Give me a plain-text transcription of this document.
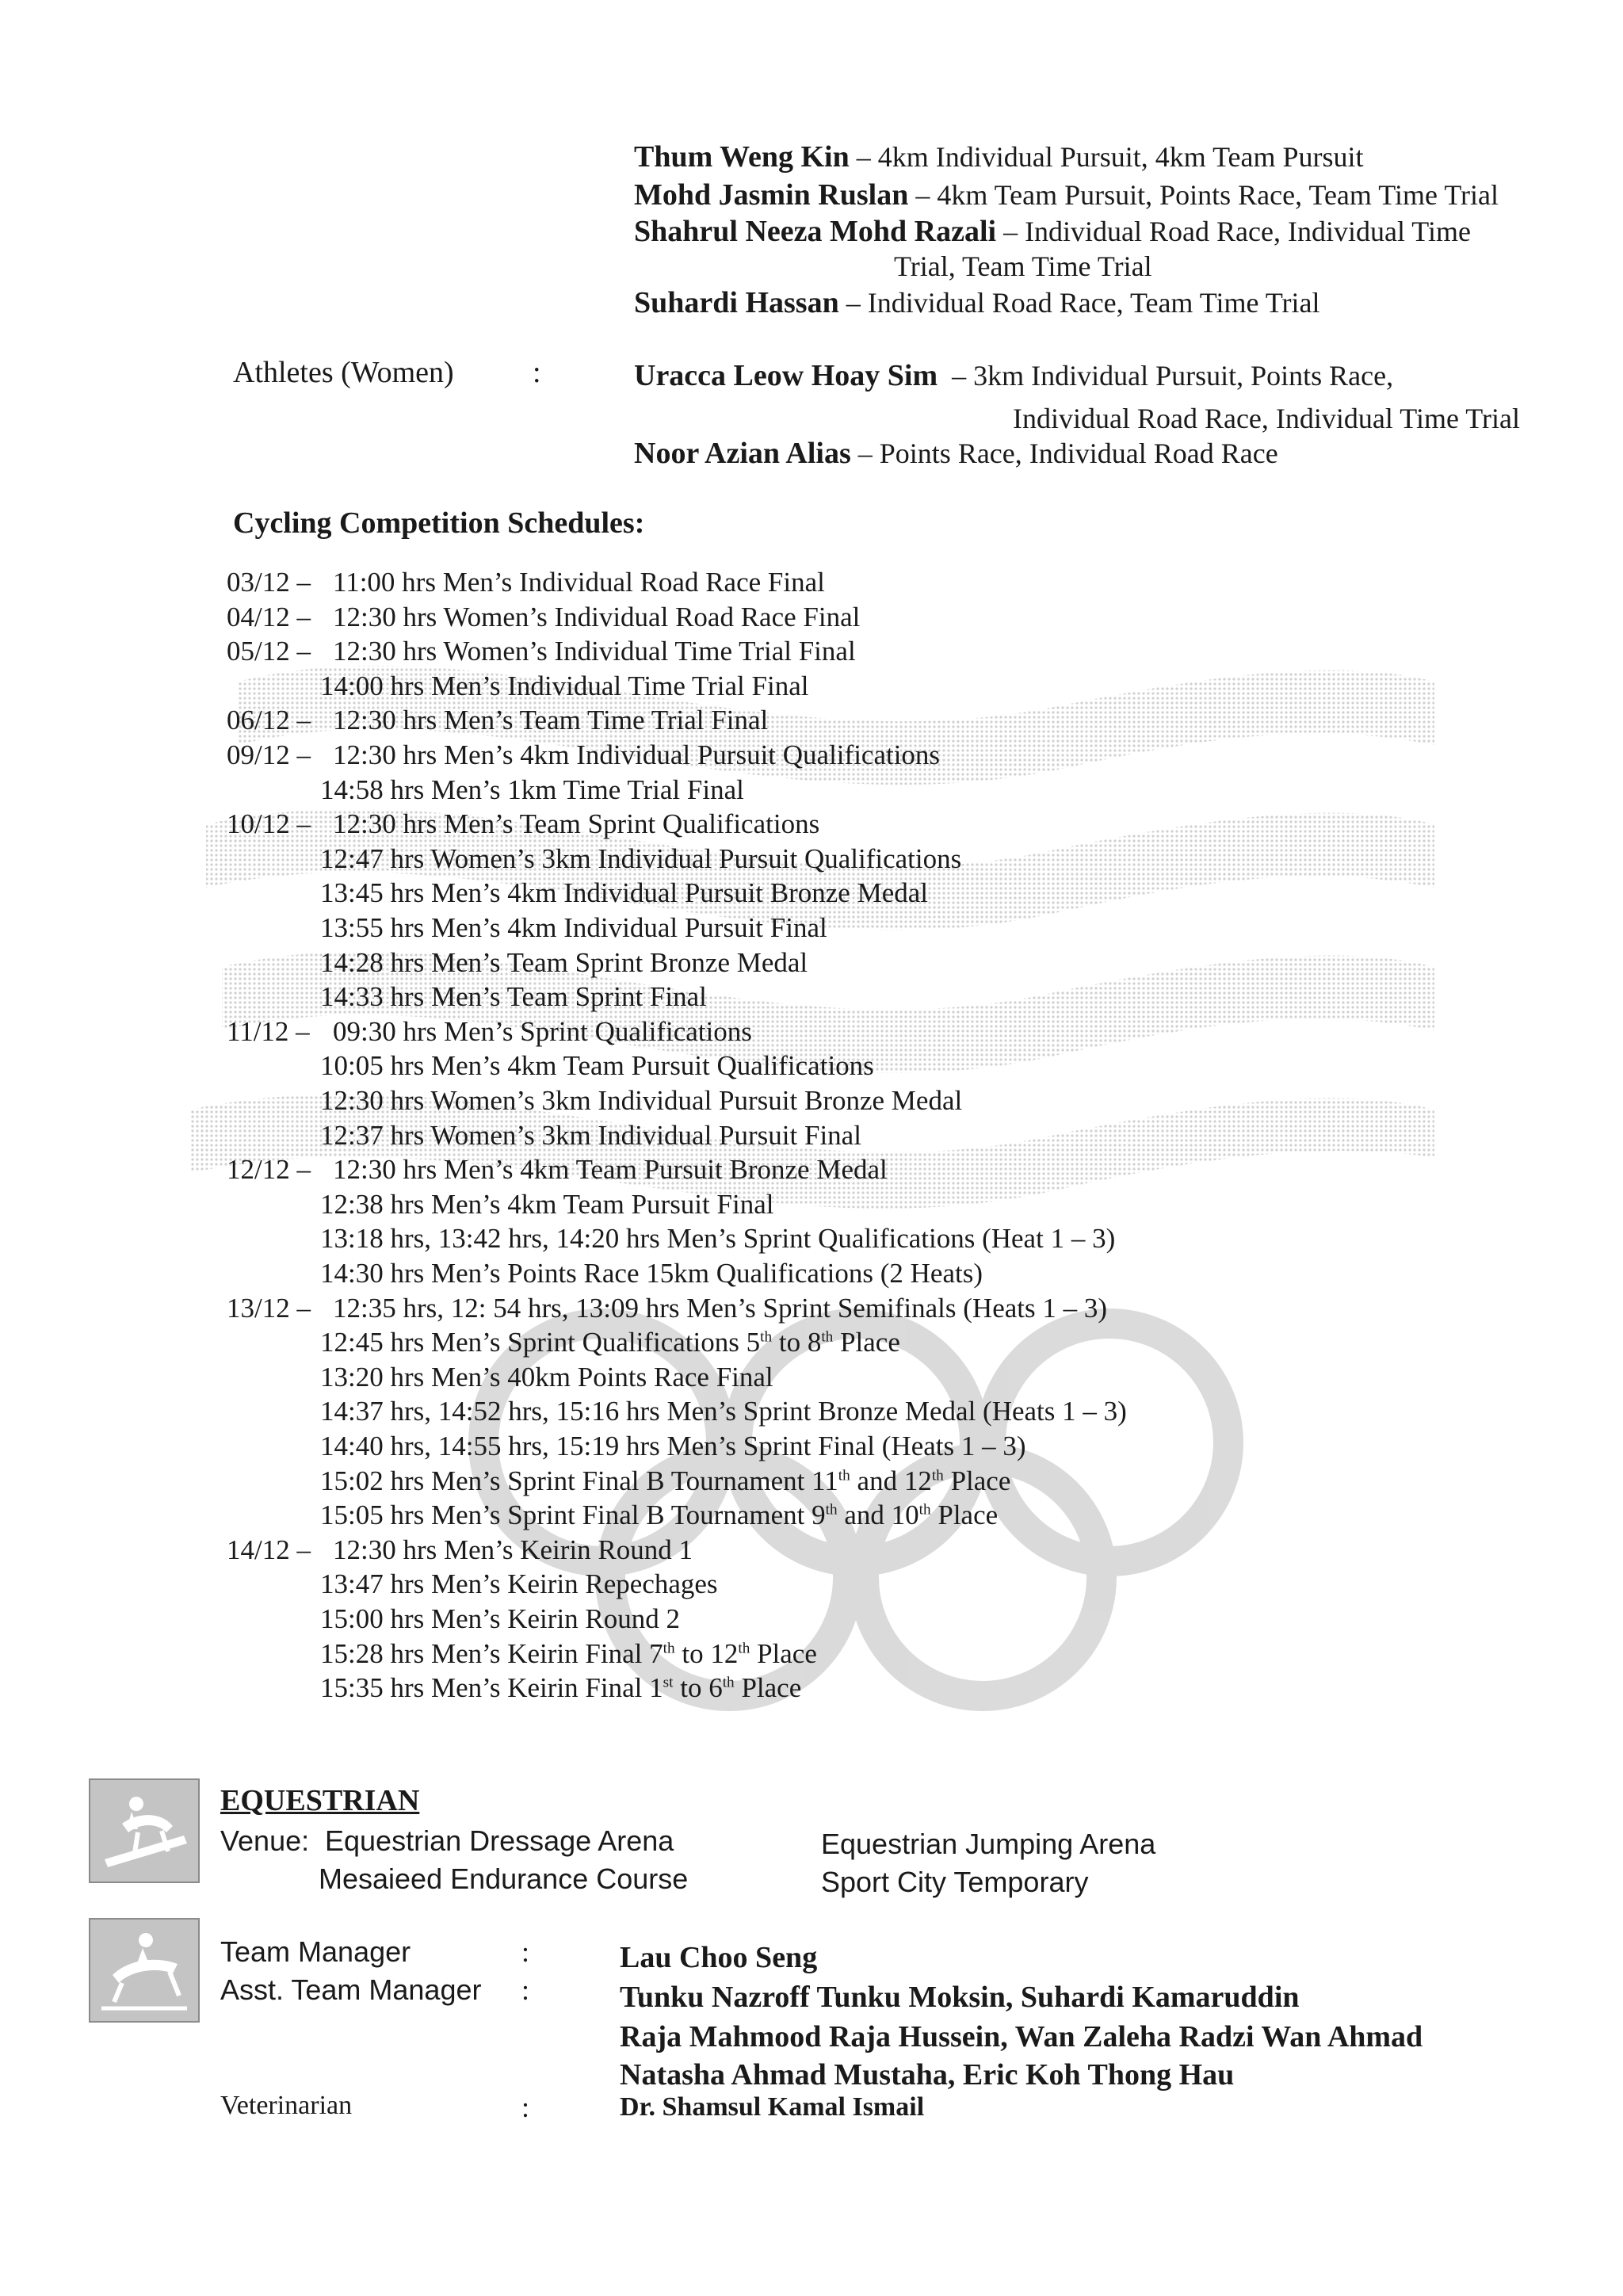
Thum Weng Kin – 4km Individual Pursuit, 4km Team Pursuit
Mohd Jasmin Ruslan – 4km Team Pursuit, Points Race, Team Time Trial
Shahrul Neeza Mohd Razali – Individual Road Race, Individual Time
Trial, Team Time Trial
Suhardi Hassan – Individual Road Race, Team Time Trial
Athletes (Women)	:	Uracca Leow Hoay Sim  – 3km Individual Pursuit, Points Race,
Individual Road Race, Individual Time Trial
Noor Azian Alias – Points Race, Individual Road Race
Cycling Competition Schedules:
03/12 – 11:00 hrs Men’s Individual Road Race Final
04/12 – 12:30 hrs Women’s Individual Road Race Final
05/12 – 12:30 hrs Women’s Individual Time Trial Final
14:00 hrs Men’s Individual Time Trial Final
06/12 – 12:30 hrs Men’s Team Time Trial Final
09/12 – 12:30 hrs Men’s 4km Individual Pursuit Qualifications
14:58 hrs Men’s 1km Time Trial Final
10/12 – 12:30 hrs Men’s Team Sprint Qualifications
12:47 hrs Women’s 3km Individual Pursuit Qualifications
13:45 hrs Men’s 4km Individual Pursuit Bronze Medal
13:55 hrs Men’s 4km Individual Pursuit Final
14:28 hrs Men’s Team Sprint Bronze Medal
14:33 hrs Men’s Team Sprint Final
11/12 – 09:30 hrs Men’s Sprint Qualifications
10:05 hrs Men’s 4km Team Pursuit Qualifications
12:30 hrs Women’s 3km Individual Pursuit Bronze Medal
12:37 hrs Women’s 3km Individual Pursuit Final
12/12 – 12:30 hrs Men’s 4km Team Pursuit Bronze Medal
12:38 hrs Men’s 4km Team Pursuit Final
13:18 hrs, 13:42 hrs, 14:20 hrs Men’s Sprint Qualifications (Heat 1 – 3)
14:30 hrs Men’s Points Race 15km Qualifications (2 Heats)
13/12 – 12:35 hrs, 12: 54 hrs, 13:09 hrs Men’s Sprint Semifinals (Heats 1 – 3)
12:45 hrs Men’s Sprint Qualifications 5th to 8th Place
13:20 hrs Men’s 40km Points Race Final
14:37 hrs, 14:52 hrs, 15:16 hrs Men’s Sprint Bronze Medal (Heats 1 – 3)
14:40 hrs, 14:55 hrs, 15:19 hrs Men’s Sprint Final (Heats 1 – 3)
15:02 hrs Men’s Sprint Final B Tournament 11th and 12th Place
15:05 hrs Men’s Sprint Final B Tournament 9th and 10th Place
14/12 – 12:30 hrs Men’s Keirin Round 1
13:47 hrs Men’s Keirin Repechages
15:00 hrs Men’s Keirin Round 2
15:28 hrs Men’s Keirin Final 7th to 12th Place
15:35 hrs Men’s Keirin Final 1st to 6th Place
EQUESTRIAN
Venue: Equestrian Dressage Arena
Mesaieed Endurance Course
Equestrian Jumping Arena
Sport City Temporary
Team Manager	:	Lau Choo Seng
Asst. Team Manager :	Tunku Nazroff Tunku Moksin, Suhardi Kamaruddin
Raja Mahmood Raja Hussein, Wan Zaleha Radzi Wan Ahmad
Natasha Ahmad Mustaha, Eric Koh Thong Hau
Veterinarian	:	Dr. Shamsul Kamal Ismail
